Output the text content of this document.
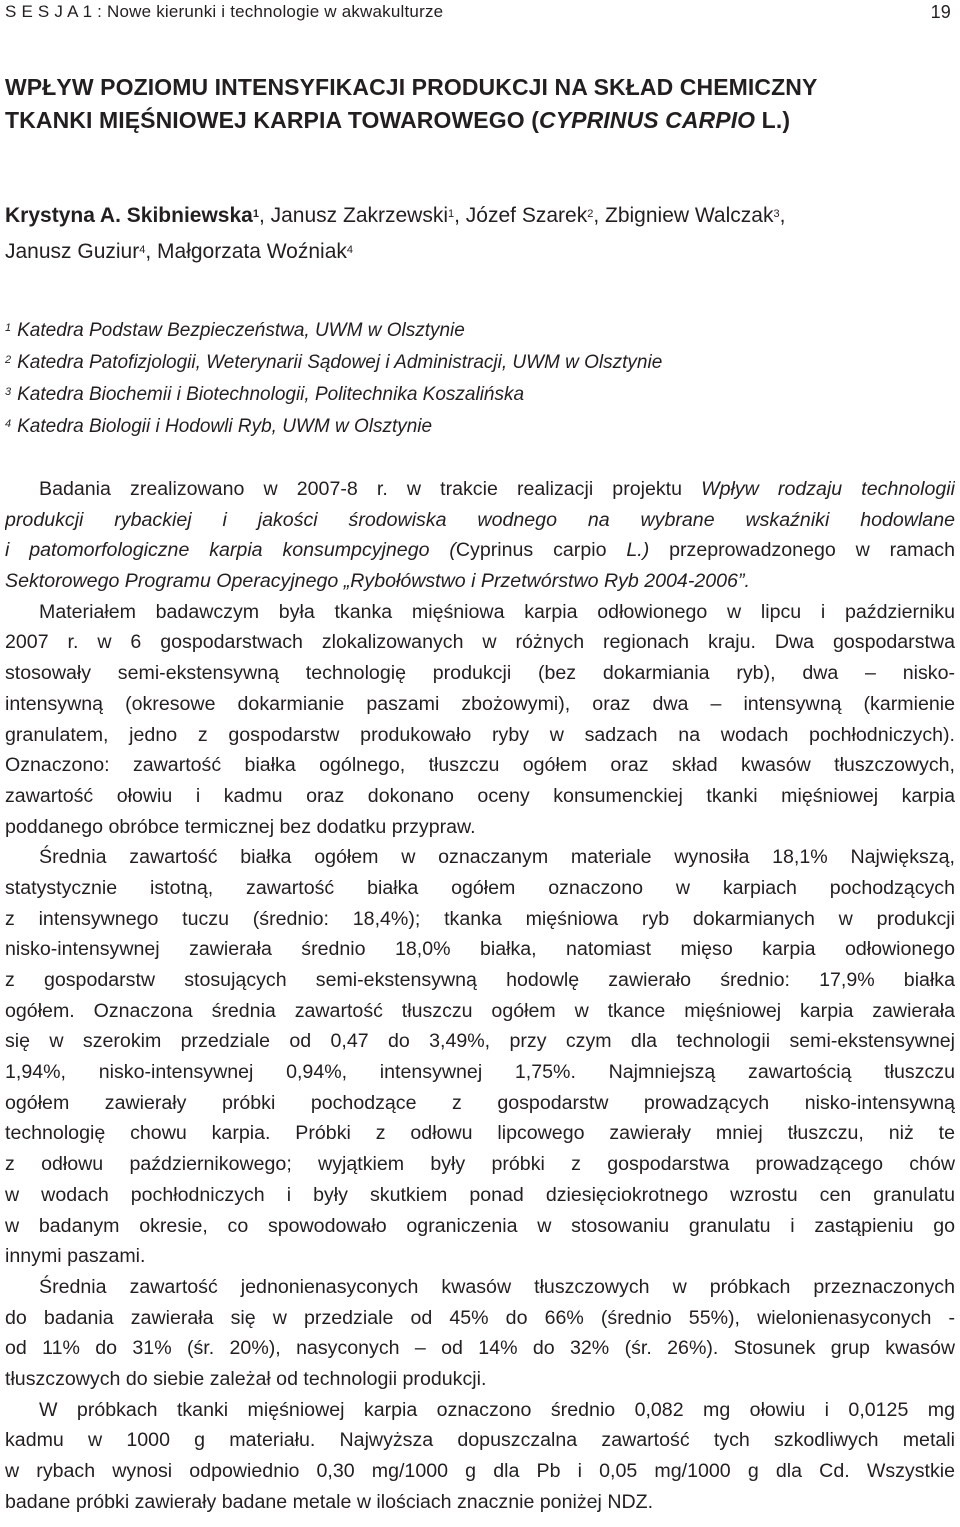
S E S J A 1 : Nowe kierunki i technologie w akwakulturze	19
WPŁYW POZIOMU INTENSYFIKACJI PRODUKCJI NA SKŁAD CHEMICZNY
TKANKI MIĘŚNIOWEJ KARPIA TOWAROWEGO (CYPRINUS CARPIO L.)
Krystyna A. Skibniewska$^1$, Janusz Zakrzewski$^1$, Józef Szarek$^2$, Zbigniew Walczak$^3$,
Janusz Guziur$^4$, Małgorzata Woźniak$^4$
$^1$ Katedra Podstaw Bezpieczeństwa, UWM w Olsztynie
$^2$ Katedra Patofizjologii, Weterynarii Sądowej i Administracji, UWM w Olsztynie
$^3$ Katedra Biochemii i Biotechnologii, Politechnika Koszalińska
$^4$ Katedra Biologii i Hodowli Ryb, UWM w Olsztynie
Badania zrealizowano w 2007-8 r. w trakcie realizacji projektu Wpływ rodzaju technologii
produkcji rybackiej i jakości środowiska wodnego na wybrane wskaźniki hodowlane
i patomorfologiczne karpia konsumpcyjnego (Cyprinus carpio L.) przeprowadzonego w ramach
Sektorowego Programu Operacyjnego „Rybołówstwo i Przetwórstwo Ryb 2004-2006”.
Materiałem badawczym była tkanka mięśniowa karpia odłowionego w lipcu i październiku
2007 r. w 6 gospodarstwach zlokalizowanych w różnych regionach kraju. Dwa gospodarstwa
stosowały semi-ekstensywną technologię produkcji (bez dokarmiania ryb), dwa – nisko-
intensywną (okresowe dokarmianie paszami zbożowymi), oraz dwa – intensywną (karmienie
granulatem, jedno z gospodarstw produkowało ryby w sadzach na wodach pochłodniczych).
Oznaczono: zawartość białka ogólnego, tłuszczu ogółem oraz skład kwasów tłuszczowych,
zawartość ołowiu i kadmu oraz dokonano oceny konsumenckiej tkanki mięśniowej karpia
poddanego obróbce termicznej bez dodatku przypraw.
Średnia zawartość białka ogółem w oznaczanym materiale wynosiła 18,1% Największą,
statystycznie istotną, zawartość białka ogółem oznaczono w karpiach pochodzących
z intensywnego tuczu (średnio: 18,4%); tkanka mięśniowa ryb dokarmianych w produkcji
nisko-intensywnej zawierała średnio 18,0% białka, natomiast mięso karpia odłowionego
z gospodarstw stosujących semi-ekstensywną hodowlę zawierało średnio: 17,9% białka
ogółem. Oznaczona średnia zawartość tłuszczu ogółem w tkance mięśniowej karpia zawierała
się w szerokim przedziale od 0,47 do 3,49%, przy czym dla technologii semi-ekstensywnej
1,94%, nisko-intensywnej 0,94%, intensywnej 1,75%. Najmniejszą zawartością tłuszczu
ogółem zawierały próbki pochodzące z gospodarstw prowadzących nisko-intensywną
technologię chowu karpia. Próbki z odłowu lipcowego zawierały mniej tłuszczu, niż te
z odłowu październikowego; wyjątkiem były próbki z gospodarstwa prowadzącego chów
w wodach pochłodniczych i były skutkiem ponad dziesięciokrotnego wzrostu cen granulatu
w badanym okresie, co spowodowało ograniczenia w stosowaniu granulatu i zastąpieniu go
innymi paszami.
Średnia zawartość jednonienasyconych kwasów tłuszczowych w próbkach przeznaczonych
do badania zawierała się w przedziale od 45% do 66% (średnio 55%), wielonienasyconych -
od 11% do 31% (śr. 20%), nasyconych – od 14% do 32% (śr. 26%). Stosunek grup kwasów
tłuszczowych do siebie zależał od technologii produkcji.
W próbkach tkanki mięśniowej karpia oznaczono średnio 0,082 mg ołowiu i 0,0125 mg
kadmu w 1000 g materiału. Najwyższa dopuszczalna zawartość tych szkodliwych metali
w rybach wynosi odpowiednio 0,30 mg/1000 g dla Pb i 0,05 mg/1000 g dla Cd. Wszystkie
badane próbki zawierały badane metale w ilościach znacznie poniżej NDZ.
